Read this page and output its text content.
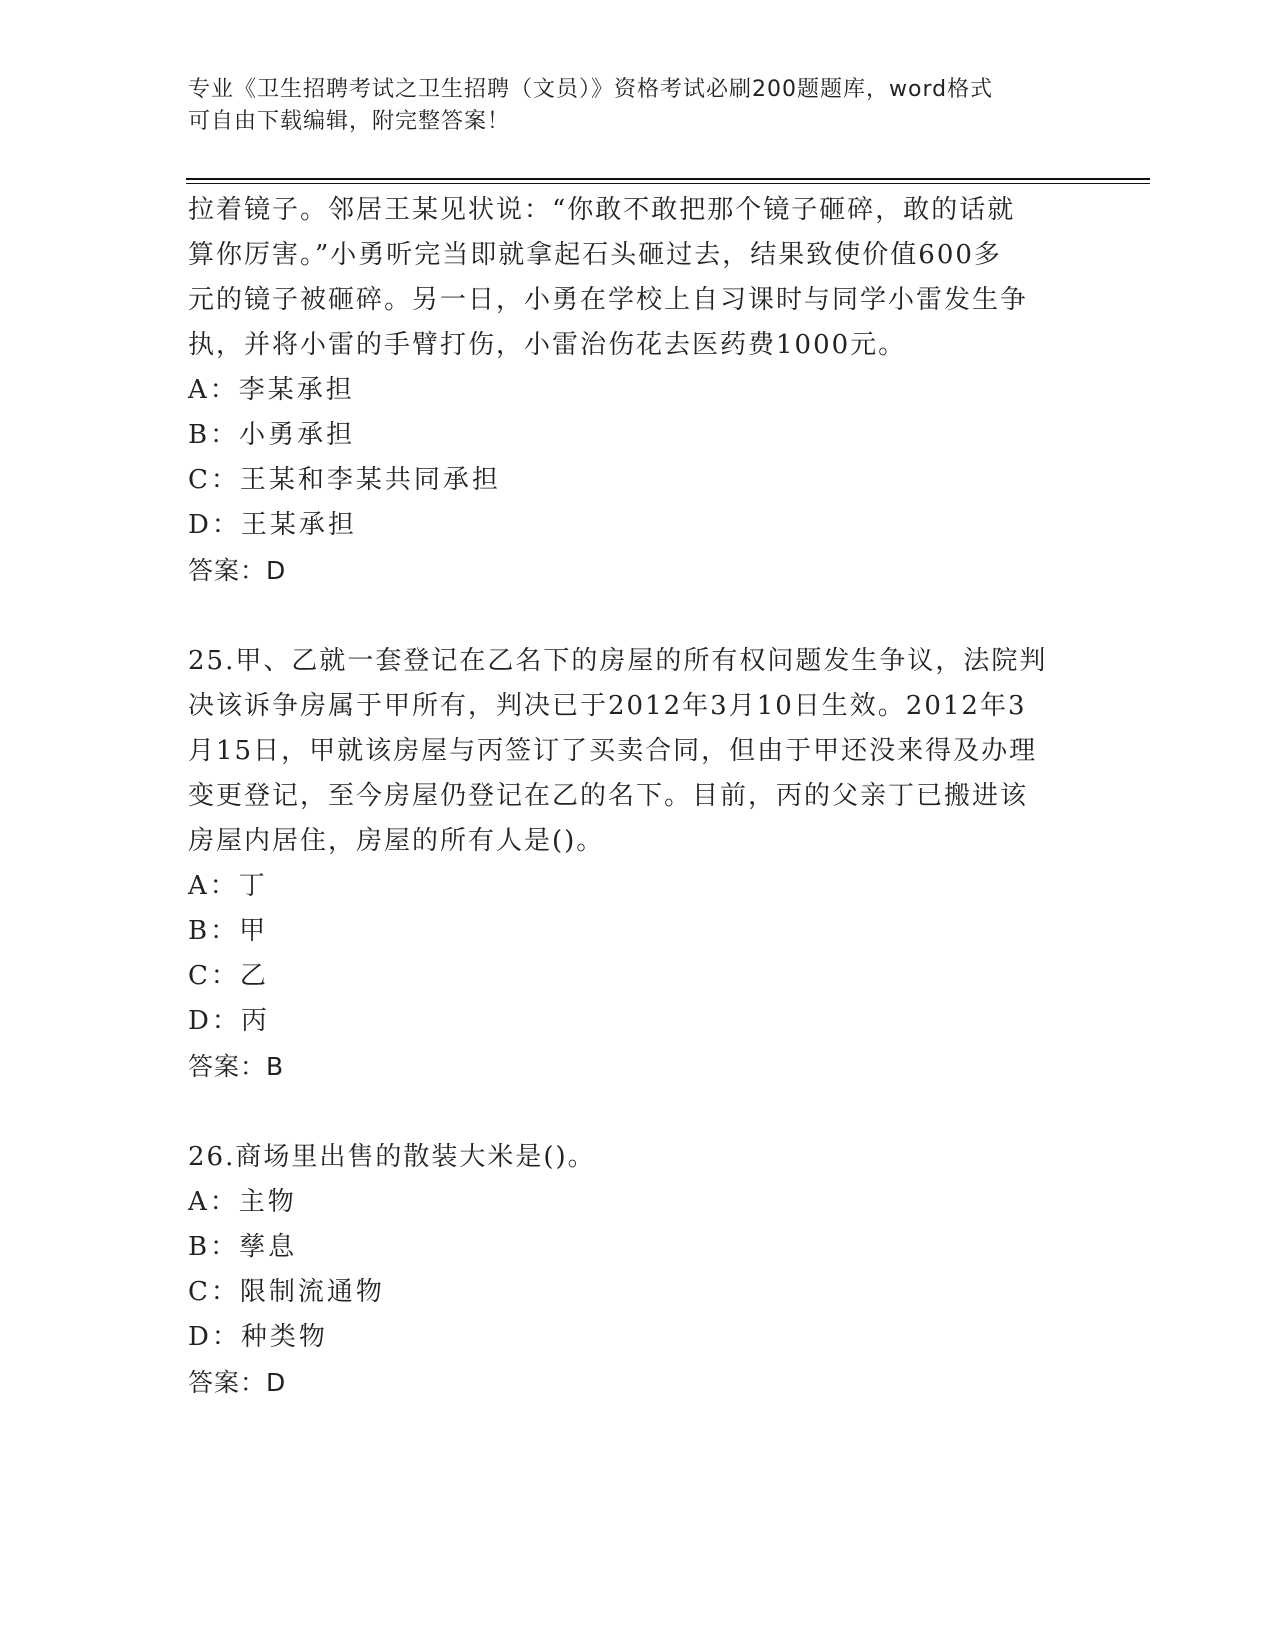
专业《卫生招聘考试之卫生招聘（文员）》资格考试必刷200题题库，word格式
可自由下载编辑，附完整答案！

拉着镜子。邻居王某见状说：“你敢不敢把那个镜子砸碎，敢的话就

算你厉害。”小勇听完当即就拿起石头砸过去，结果致使价值600多

元的镜子被砸碎。另一日，小勇在学校上自习课时与同学小雷发生争

执，并将小雷的手臂打伤，小雷治伤花去医药费1000元。

A：李某承担

B：小勇承担

C：王某和李某共同承担

D：王某承担

答案：D

25.甲、乙就一套登记在乙名下的房屋的所有权问题发生争议，法院判

决该诉争房属于甲所有，判决已于2012年3月10日生效。2012年3

月15日，甲就该房屋与丙签订了买卖合同，但由于甲还没来得及办理

变更登记，至今房屋仍登记在乙的名下。目前，丙的父亲丁已搬进该

房屋内居住，房屋的所有人是()。

A：丁

B：甲

C：乙

D：丙

答案：B

26.商场里出售的散装大米是()。

A：主物

B：孳息

C：限制流通物

D：种类物

答案：D
